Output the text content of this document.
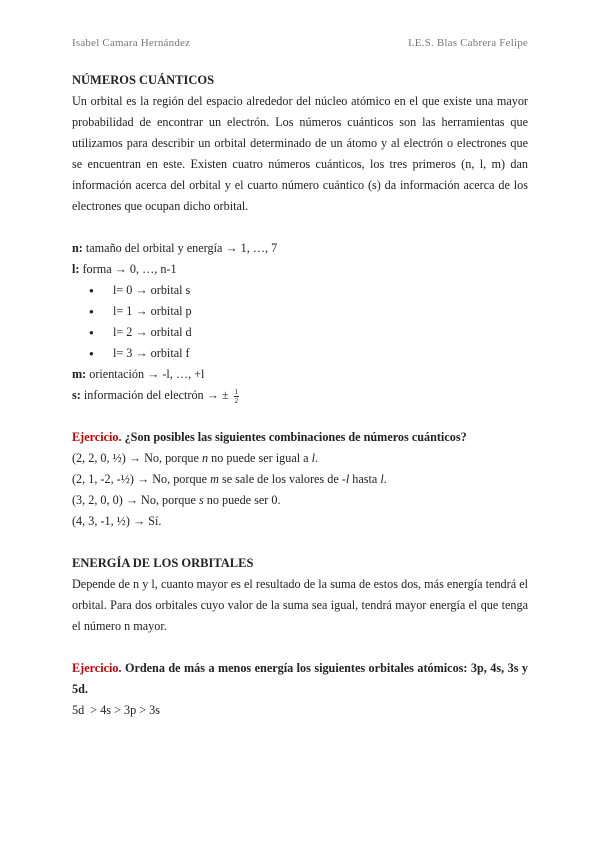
Isabel Camara Hernández	I.E.S. Blas Cabrera Felipe

NÚMEROS CUÁNTICOS

Un orbital es la región del espacio alrededor del núcleo atómico en el que existe una mayor probabilidad de encontrar un electrón. Los números cuánticos son las herramientas que utilizamos para describir un orbital determinado de un átomo y al electrón o electrones que se encuentran en este. Existen cuatro números cuánticos, los tres primeros (n, l, m) dan información acerca del orbital y el cuarto número cuántico (s) da información acerca de los electrones que ocupan dicho orbital.

n: tamaño del orbital y energía → 1, …, 7

l: forma → 0, …, n-1

● l= 0 → orbital s
● l= 1 → orbital p
● l= 2 → orbital d
● l= 3 → orbital f

m: orientación → -l, …, +l

s: información del electrón → ± $\frac{1}{2}$

Ejercicio. ¿Son posibles las siguientes combinaciones de números cuánticos?

(2, 2, 0, ½) → No, porque n no puede ser igual a l.

(2, 1, -2, -½) → No, porque m se sale de los valores de -l hasta l.

(3, 2, 0, 0) → No, porque s no puede ser 0.

(4, 3, -1, ½) → Sí.

ENERGÍA DE LOS ORBITALES

Depende de n y l, cuanto mayor es el resultado de la suma de estos dos, más energía tendrá el orbital. Para dos orbitales cuyo valor de la suma sea igual, tendrá mayor energía el que tenga el número n mayor.

Ejercicio. Ordena de más a menos energía los siguientes orbitales atómicos: 3p, 4s, 3s y 5d.

5d  > 4s > 3p > 3s
